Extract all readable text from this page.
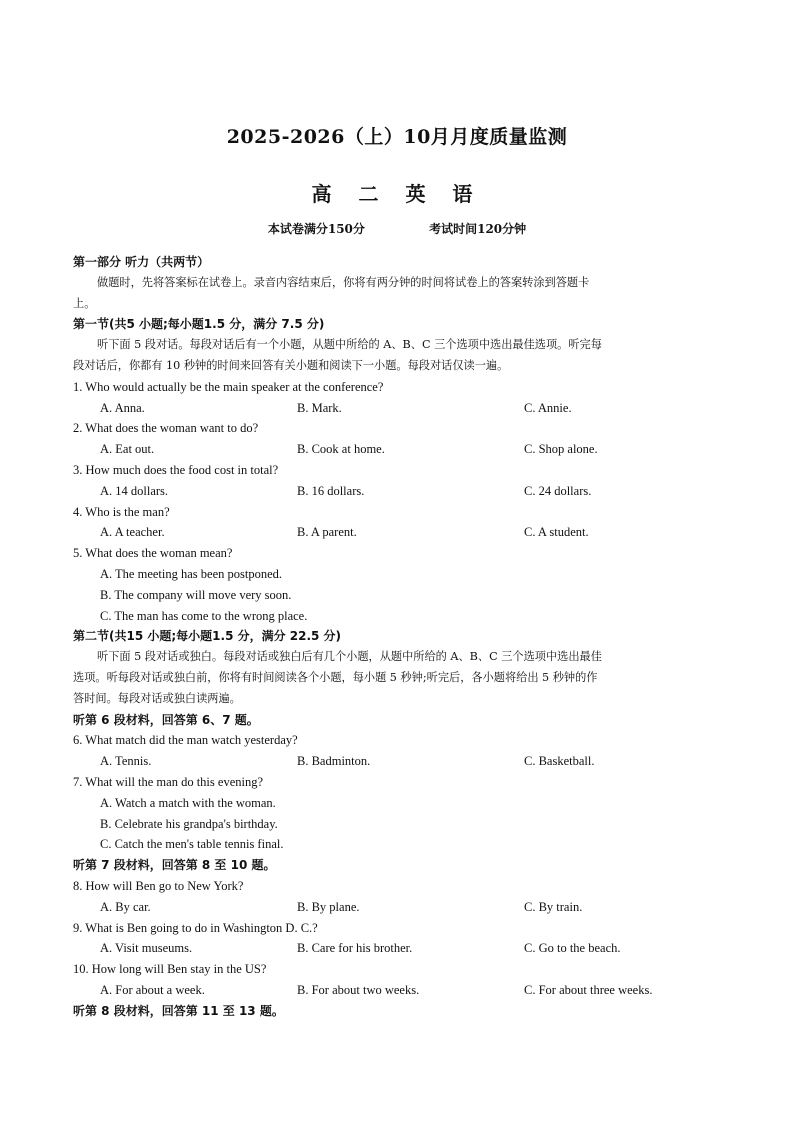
2025-2026（上）10月月度质量监测
高 二 英 语
本试卷满分150分	考试时间120分钟
第一部分 听力（共两节）
做题时，先将答案标在试卷上。录音内容结束后，你将有两分钟的时间将试卷上的答案转涂到答题卡
上。
第一节(共5 小题;每小题1.5 分，满分 7.5 分)
听下面 5 段对话。每段对话后有一个小题，从题中所给的 A、B、C 三个选项中选出最佳选项。听完每
段对话后，你都有 10 秒钟的时间来回答有关小题和阅读下一小题。每段对话仅读一遍。
1. Who would actually be the main speaker at the conference?
A. Anna.	B. Mark.	C. Annie.
2. What does the woman want to do?
A. Eat out.	B. Cook at home.	C. Shop alone.
3. How much does the food cost in total?
A. 14 dollars.	B. 16 dollars.	C. 24 dollars.
4. Who is the man?
A. A teacher.	B. A parent.	C. A student.
5. What does the woman mean?
A. The meeting has been postponed.
B. The company will move very soon.
C. The man has come to the wrong place.
第二节(共15 小题;每小题1.5 分，满分 22.5 分)
听下面 5 段对话或独白。每段对话或独白后有几个小题，从题中所给的 A、B、C 三个选项中选出最佳
选项。听每段对话或独白前，你将有时间阅读各个小题，每小题 5 秒钟;听完后，各小题将给出 5 秒钟的作
答时间。每段对话或独白读两遍。
听第 6 段材料，回答第 6、7 题。
6. What match did the man watch yesterday?
A. Tennis.	B. Badminton.	C. Basketball.
7. What will the man do this evening?
A. Watch a match with the woman.
B. Celebrate his grandpa's birthday.
C. Catch the men's table tennis final.
听第 7 段材料，回答第 8 至 10 题。
8. How will Ben go to New York?
A. By car.	B. By plane.	C. By train.
9. What is Ben going to do in Washington D. C.?
A. Visit museums.	B. Care for his brother.	C. Go to the beach.
10. How long will Ben stay in the US?
A. For about a week.	B. For about two weeks.	C. For about three weeks.
听第 8 段材料，回答第 11 至 13 题。
